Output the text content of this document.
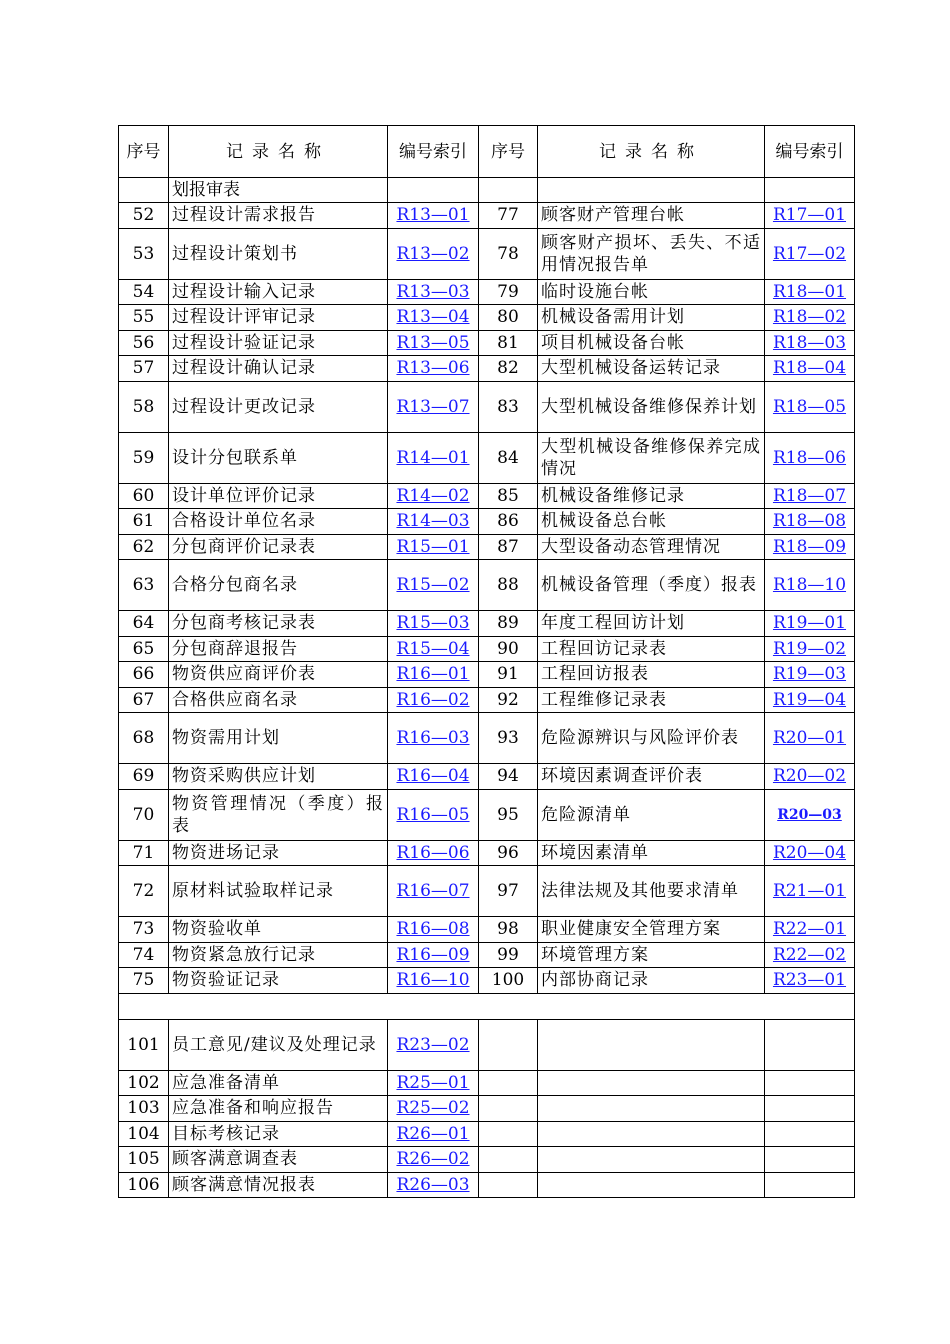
序号	记录名称	编号索引	序号	记录名称	编号索引
	划报审表				
52	过程设计需求报告	R13—01	77	顾客财产管理台帐	R17—01
53	过程设计策划书	R13—02	78	顾客财产损坏、丢失、不适用情况报告单	R17—02
54	过程设计输入记录	R13—03	79	临时设施台帐	R18—01
55	过程设计评审记录	R13—04	80	机械设备需用计划	R18—02
56	过程设计验证记录	R13—05	81	项目机械设备台帐	R18—03
57	过程设计确认记录	R13—06	82	大型机械设备运转记录	R18—04
58	过程设计更改记录	R13—07	83	大型机械设备维修保养计划	R18—05
59	设计分包联系单	R14—01	84	大型机械设备维修保养完成情况	R18—06
60	设计单位评价记录	R14—02	85	机械设备维修记录	R18—07
61	合格设计单位名录	R14—03	86	机械设备总台帐	R18—08
62	分包商评价记录表	R15—01	87	大型设备动态管理情况	R18—09
63	合格分包商名录	R15—02	88	机械设备管理（季度）报表	R18—10
64	分包商考核记录表	R15—03	89	年度工程回访计划	R19—01
65	分包商辞退报告	R15—04	90	工程回访记录表	R19—02
66	物资供应商评价表	R16—01	91	工程回访报表	R19—03
67	合格供应商名录	R16—02	92	工程维修记录表	R19—04
68	物资需用计划	R16—03	93	危险源辨识与风险评价表	R20—01
69	物资采购供应计划	R16—04	94	环境因素调查评价表	R20—02
70	物资管理情况（季度）报表	R16—05	95	危险源清单	R20—03
71	物资进场记录	R16—06	96	环境因素清单	R20—04
72	原材料试验取样记录	R16—07	97	法律法规及其他要求清单	R21—01
73	物资验收单	R16—08	98	职业健康安全管理方案	R22—01
74	物资紧急放行记录	R16—09	99	环境管理方案	R22—02
75	物资验证记录	R16—10	100	内部协商记录	R23—01

101	员工意见/建议及处理记录	R23—02			
102	应急准备清单	R25—01			
103	应急准备和响应报告	R25—02			
104	目标考核记录	R26—01			
105	顾客满意调查表	R26—02			
106	顾客满意情况报表	R26—03			
